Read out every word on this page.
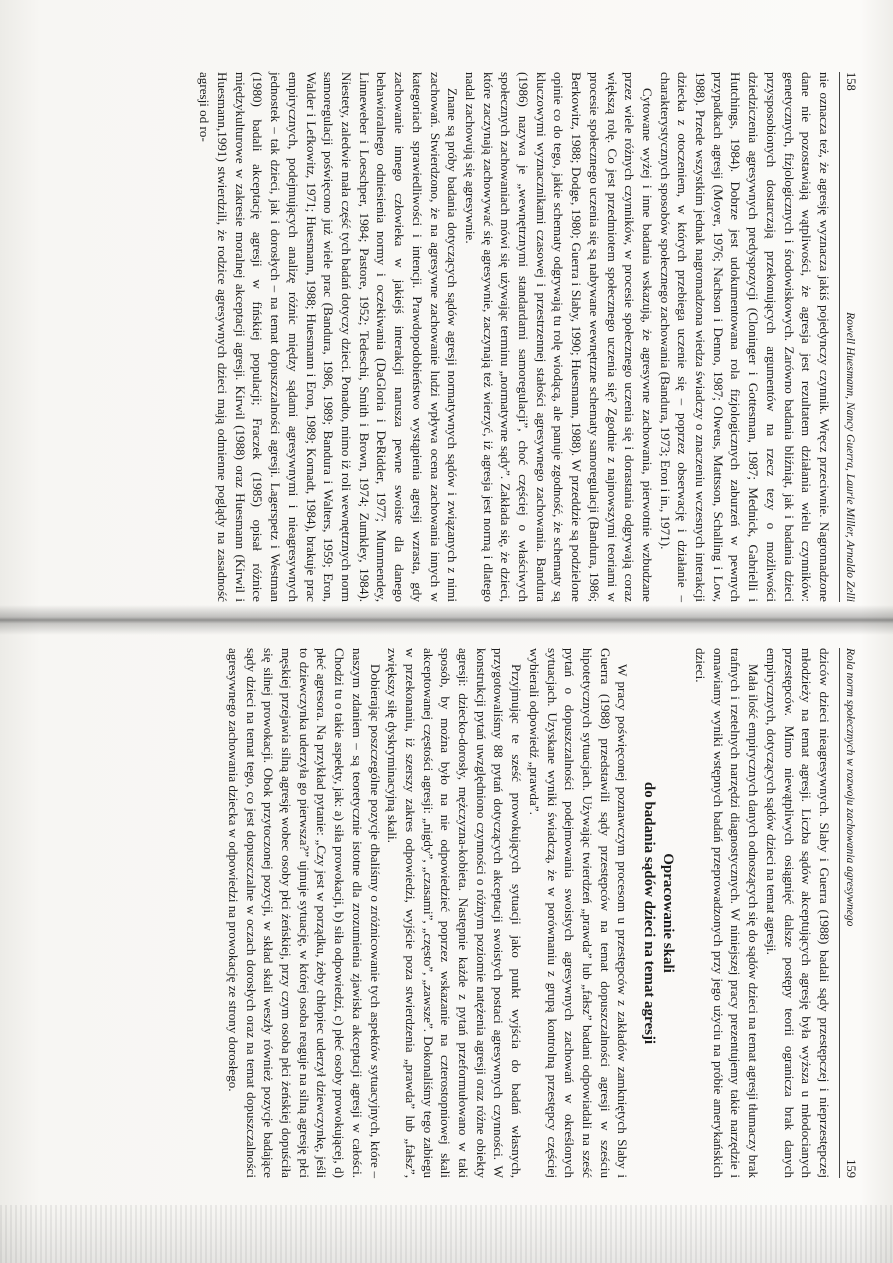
158
Rowell Huesmann, Nancy Guerra, Laurie Miller, Arnaldo Zelli

nie oznacza też, że agresję wyznacza jakiś pojedynczy czynnik. Wręcz przeciwnie. Nagromadzone dane nie pozostawiają wątpliwości, że agresja jest rezultatem działania wielu czynników: genetycznych, fizjologicznych i środowiskowych. Zarówno badania bliźniąt, jak i badania dzieci przysposobionych dostarczają przekonujących argumentów na rzecz tezy o możliwości dziedziczenia agresywnych predyspozycji (Cloninger i Gottesman, 1987; Mednick, Gabrielli i Hutchings, 1984). Dobrze jest udokumentowana rola fizjologicznych zaburzeń w pewnych przypadkach agresji (Moyer, 1976; Nachson i Denno, 1987; Olweus, Mattsson, Schalling i Low, 1988). Przede wszystkim jednak nagromadzona wiedza świadczy o znaczeniu wczesnych interakcji dziecka z otoczeniem, w których przebiega uczenie się – poprzez obserwację i działanie – charakterystycznych sposobów społecznego zachowania (Bandura, 1973; Eron i in., 1971).

Cytowane wyżej i inne badania wskazują, że agresywne zachowania, pierwotnie wzbudzane przez wiele różnych czynników, w procesie społecznego uczenia się i dorastania odgrywają coraz większą rolę. Co jest przedmiotem społecznego uczenia się? Zgodnie z najnowszymi teoriami w procesie społecznego uczenia się są nabywane wewnętrzne schematy samoregulacji (Bandura, 1986; Berkowitz, 1988; Dodge, 1980; Guerra i Slaby, 1990; Huesmann, 1988). W przeddzie są podzielone opinie co do tego, jakie schematy odgrywają tu rolę wiodącą, ale panuje zgodność, że schematy są kluczowymi wyznacznikami czasowej i przestrzennej stałości agresywnego zachowania. Bandura (1986) nazywa je „wewnętrznymi standardami samoregulacji”, choć częściej o właściwych społecznych zachowaniach mówi się używając terminu „normatywne sądy”. Zakłada się, że dzieci, które zaczynają zachowywać się agresywnie, zaczynają też wierzyć, iż agresja jest normą i dlatego nadal zachowują się agresywnie.

Znane są próby badania dotyczących sądów agresji normatywnych sądów i związanych z nimi zachowań. Stwierdzono, że na agresywne zachowanie ludzi wpływa ocena zachowania innych w kategoriach sprawiedliwości i intencji. Prawdopodobieństwo wystąpienia agresji wzrasta, gdy zachowanie innego człowieka w jakiejś interakcji narusza pewne swoiste dla danego behawioralnego odniesienia normy i oczekiwania (DaGloria i DeRidder, 1977; Mummendey, Linneweber i Loeschper, 1984; Pastore, 1952; Tedeschi, Smith i Brown, 1974; Zumkley, 1984). Niestety, zaledwie mała część tych badań dotyczy dzieci. Ponadto, mimo iż roli wewnętrznych norm samoregulacji poświęcono już wiele prac (Bandura, 1986, 1989; Bandura i Walters, 1959; Eron, Walder i Lefkowitz, 1971; Huesmann, 1988; Huesmann i Eron, 1989; Kornadt, 1984), brakuje prac empirycznych, podejmujących analizę różnic między sądami agresywnymi i nieagresywnych jednostek – tak dzieci, jak i dorosłych – na temat dopuszczalności agresji. Lagerspetz i Westman (1980) badali akceptację agresji w fińskiej populacji; Fraczek (1985) opisał różnice międzykulturowe w zakresie moralnej akceptacji agresji. Kirwil (1988) oraz Huesmann (Kirwil i Huesmann,1991) stwierdzili, że rodzice agresywnych dzieci mają odmienne poglądy na zasadność agresji od ro-

Rola norm społecznych w rozwoju zachowania agresywnego
159

dziców dzieci nieagresywnych. Slaby i Guerra (1988) badali sądy przestępczej i nieprzestępczej młodzieży na temat agresji. Liczba sądów akceptujących agresję była wyższa u młodocianych przestępców. Mimo niewątpliwych osiągnięć dalsze postępy teorii ogranicza brak danych empirycznych, dotyczących sądów dzieci na temat agresji.

Mała ilość empirycznych danych odnoszących się do sądów dzieci na temat agresji tłumaczy brak trafnych i rzetelnych narzędzi diagnostycznych. W niniejszej pracy prezentujemy takie narzędzie i omawiamy wyniki wstępnych badań przeprowadzonych przy jego użyciu na próbie amerykańskich dzieci.

Opracowanie skali
do badania sądów dzieci na temat agresji

W pracy poświęconej poznawczym procesom u przestępców z zakładów zamkniętych Slaby i Guerra (1988) przedstawili sądy przestępców na temat dopuszczalności agresji w sześciu hipotetycznych sytuacjach. Używając twierdzeń „prawda” lub „fałsz” badani odpowiadali na sześć pytań o dopuszczalności podejmowania swoistych agresywnych zachowań w określonych sytuacjach. Uzyskane wyniki świadczą, że w porównaniu z grupą kontrolną przestępcy częściej wybierali odpowiedź „prawda”.

Przyjmując te sześć prowokujących sytuacji jako punkt wyjścia do badań własnych, przygotowaliśmy 88 pytań dotyczących akceptacji swoistych postaci agresywnych czynności. W konstrukcji pytań uwzględniono czynności o różnym poziomie natężenia agresji oraz różne obiekty agresji: dziecko-dorosły, mężczyzna-kobieta. Następnie każde z pytań przeformułowano w taki sposób, by można było na nie odpowiedzieć poprzez wskazanie na czterostopniowej skali akceptowanej częstości agresji: „nigdy”, „czasami”, „często”, „zawsze”. Dokonaliśmy tego zabiegu w przekonaniu, iż szerszy zakres odpowiedzi, wyjście poza stwierdzenia „prawda” lub „fałsz”, zwiększy siłę dyskryminacyjną skali.

Dobierając poszczególne pozycje dbaliśmy o zróżnicowanie tych aspektów sytuacyjnych, które – naszym zdaniem – są teoretycznie istotne dla zrozumienia zjawiska akceptacji agresji w całości. Chodzi tu o takie aspekty, jak: a) siła prowokacji, b) siła odpowiedzi, c) płeć osoby prowokującej, d) płeć agresora. Na przykład pytanie: „Czy jest w porządku, żeby chłopiec uderzył dziewczynkę, jeśli to dziewczynka uderzyła go pierwsza?” ujmuje sytuację, w której osoba reaguje na silną agresję płci męskiej przejawia silną agresję wobec osoby płci żeńskiej, przy czym osoba płci żeńskiej dopuściła się silnej prowokacji. Obok przytoczonej pozycji, w skład skali weszły również pozycje badające sądy dzieci na temat tego, co jest dopuszczalne w oczach dorosłych oraz na temat dopuszczalności agresywnego zachowania dziecka w odpowiedzi na prowokację ze strony dorosłego.
